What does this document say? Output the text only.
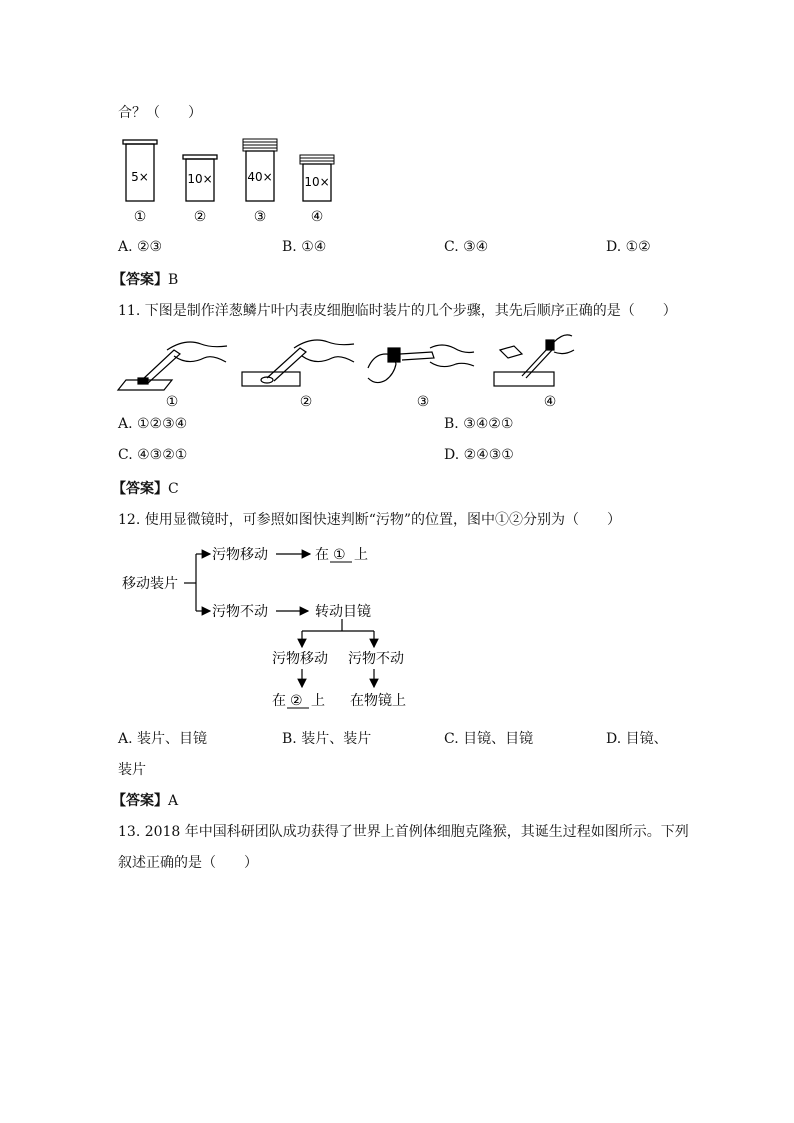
合？（　　）
5×
①
10×
②
40×
③
10×
④
A. ②③	B. ①④	C. ③④	D. ①②
【答案】B
11. 下图是制作洋葱鳞片叶内表皮细胞临时装片的几个步骤，其先后顺序正确的是（　　）
①	②	③	④
A. ①②③④	B. ③④②①
C. ④③②①	D. ②④③①
【答案】C
12. 使用显微镜时，可参照如图快速判断“污物”的位置，图中①②分别为（　　）
移动装片
污物移动	在 ① 上
污物不动	转动目镜
污物移动 污物不动
在 ② 上 在物镜上
A. 装片、目镜	B. 装片、装片	C. 目镜、目镜	D. 目镜、
装片
【答案】A
13. 2018 年中国科研团队成功获得了世界上首例体细胞克隆猴，其诞生过程如图所示。下列
叙述正确的是（　　）
